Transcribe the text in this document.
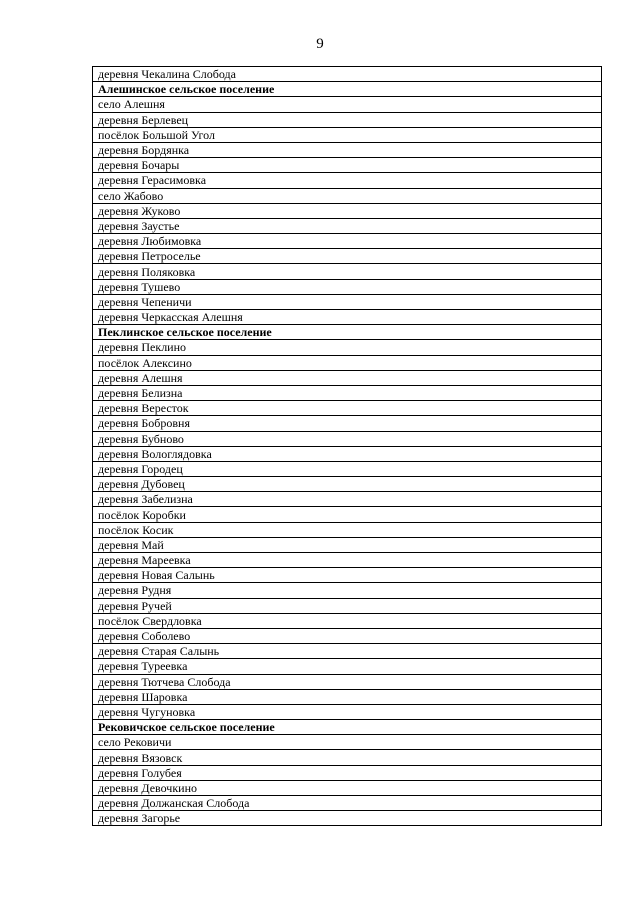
9
деревня Чекалина Слобода
Алешинское сельское поселение
село Алешня
деревня Берлевец
посёлок Большой Угол
деревня Бордянка
деревня Бочары
деревня Герасимовка
село Жабово
деревня Жуково
деревня Заустье
деревня Любимовка
деревня Петроселье
деревня Поляковка
деревня Тушево
деревня Чепеничи
деревня Черкасская Алешня
Пеклинское сельское поселение
деревня Пеклино
посёлок Алексино
деревня Алешня
деревня Белизна
деревня Beресток
деревня Бобровня
деревня Бубново
деревня Вологлядовка
деревня Городец
деревня Дубовец
деревня Забелизна
посёлок Коробки
посёлок Косик
деревня Май
деревня Мареевка
деревня Новая Салынь
деревня Рудня
деревня Ручей
посёлок Свердловка
деревня Соболево
деревня Старая Салынь
деревня Туреевка
деревня Тютчева Слобода
деревня Шаровка
деревня Чугуновка
Рековичское сельское поселение
село Рековичи
деревня Вязовск
деревня Голубея
деревня Девочкино
деревня Должанская Слобода
деревня Загорье
